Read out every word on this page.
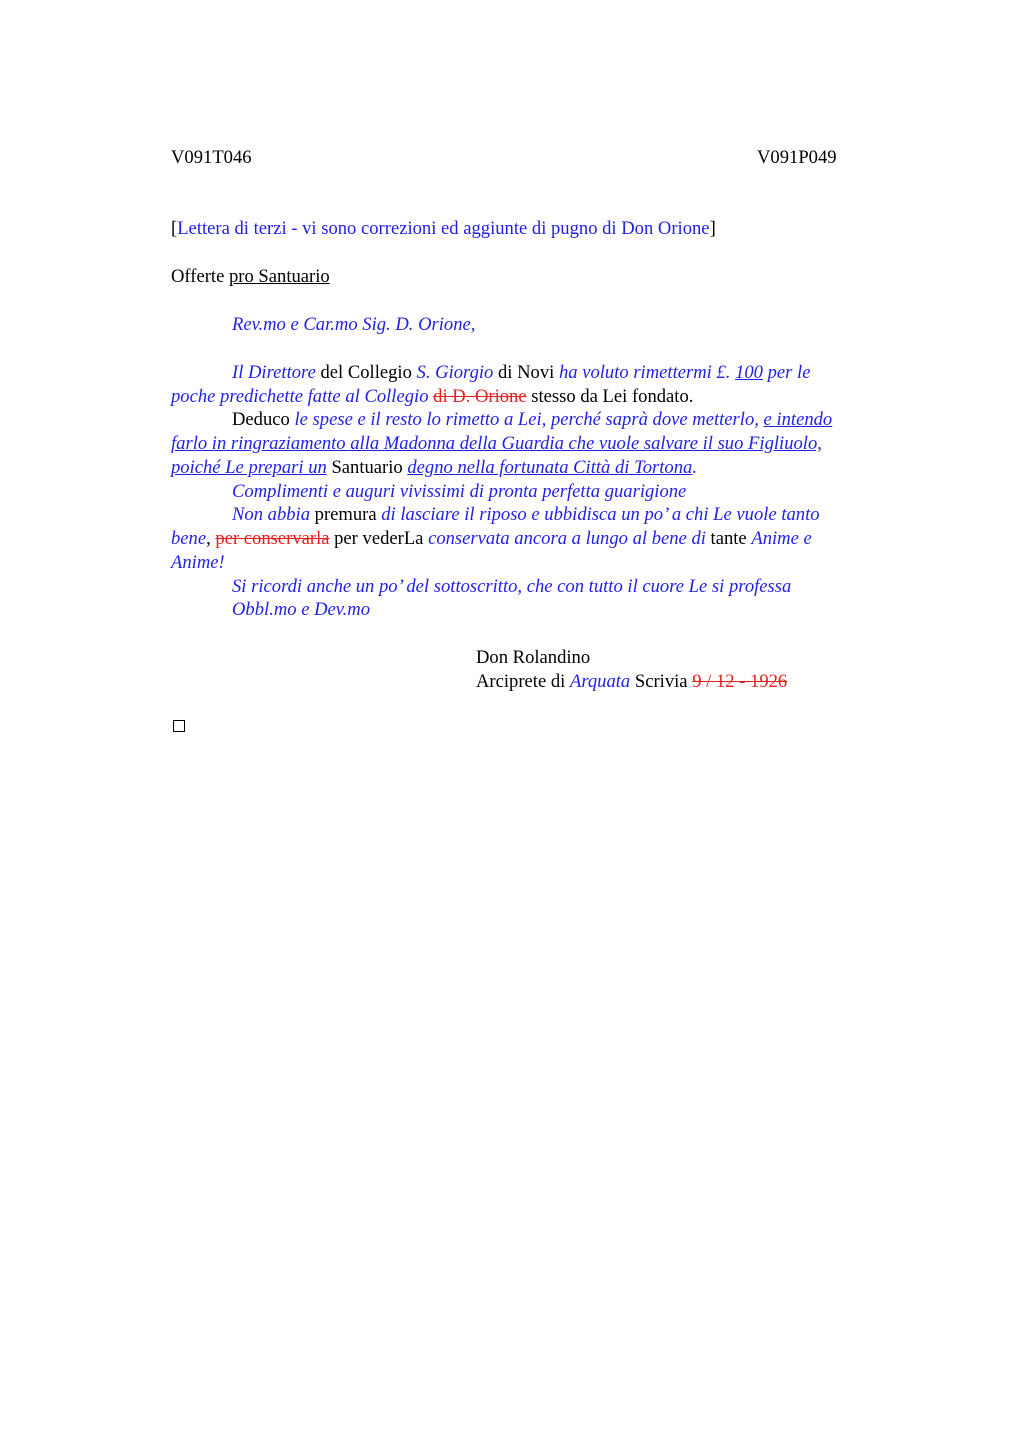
V091T046	V091P049
[Lettera di terzi - vi sono correzioni ed aggiunte di pugno di Don Orione]
Offerte pro Santuario
Rev.mo e Car.mo Sig. D. Orione,
Il Direttore del Collegio S. Giorgio di Novi ha voluto rimettermi £. 100 per le
poche predichette fatte al Collegio di D. Orione stesso da Lei fondato.
Deduco le spese e il resto lo rimetto a Lei, perché saprà dove metterlo, e intendo
farlo in ringraziamento alla Madonna della Guardia che vuole salvare il suo Figliuolo,
poiché Le prepari un Santuario degno nella fortunata Città di Tortona.
Complimenti e auguri vivissimi di pronta perfetta guarigione
Non abbia premura di lasciare il riposo e ubbidisca un po’ a chi Le vuole tanto
bene, per conservarla per vederLa conservata ancora a lungo al bene di tante Anime e
Anime!
Si ricordi anche un po’ del sottoscritto, che con tutto il cuore Le si professa
Obbl.mo e Dev.mo
Don Rolandino
Arciprete di Arquata Scrivia 9 / 12 - 1926
